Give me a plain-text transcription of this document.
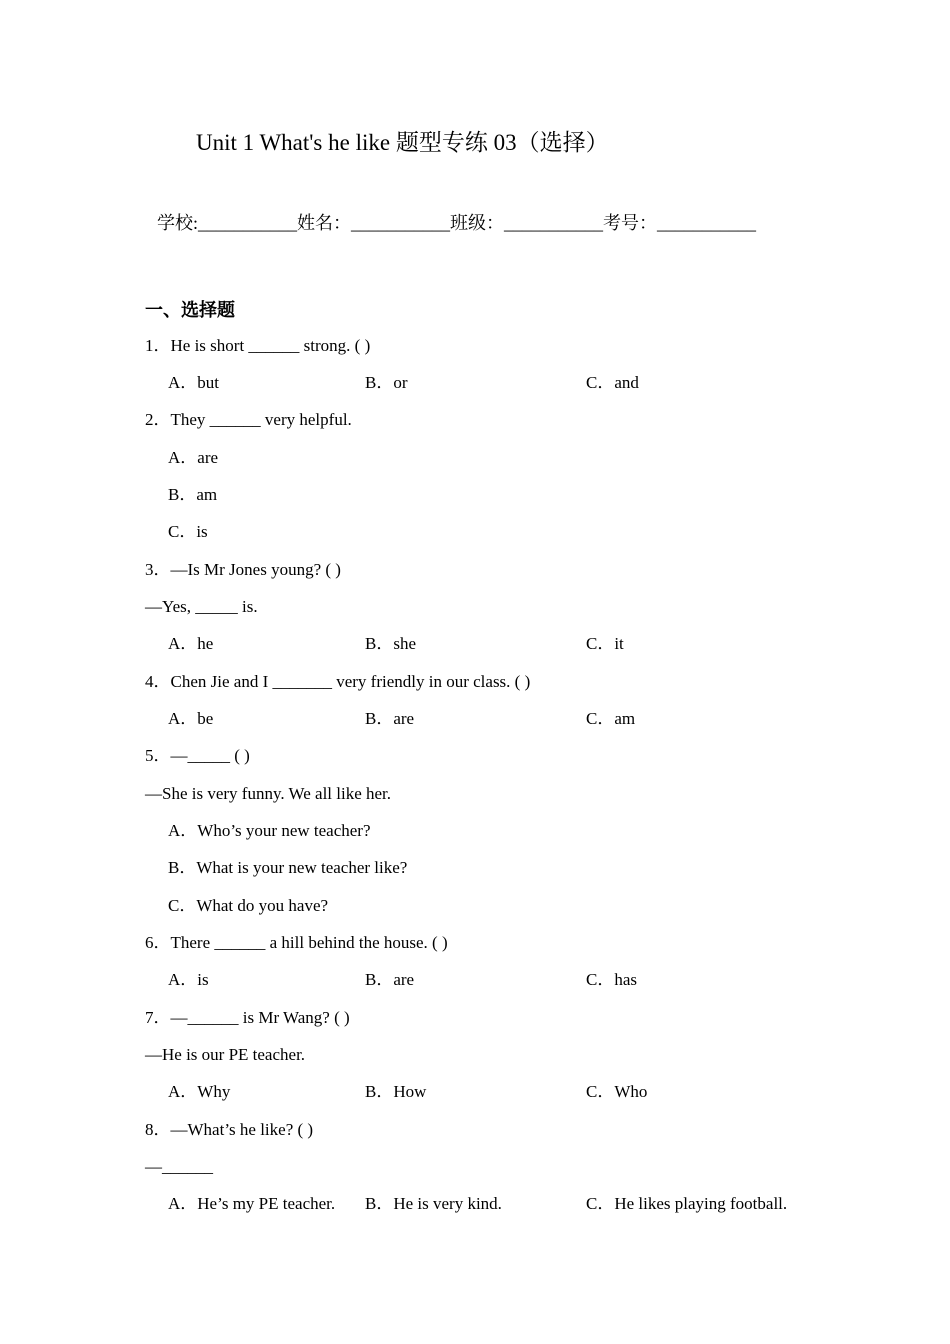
Unit 1 What's he like 题型专练 03（选择）
学校:___________姓名：___________班级：___________考号：___________
一、选择题
1．He is short ______ strong. ( )
A．but	B．or	C．and
2．They ______ very helpful.
A．are
B．am
C．is
3．—Is Mr Jones young? ( )
—Yes, _____ is.
A．he	B．she	C．it
4．Chen Jie and I _______ very friendly in our class. ( )
A．be	B．are	C．am
5．—_____ ( )
—She is very funny. We all like her.
A．Who’s your new teacher?
B．What is your new teacher like?
C．What do you have?
6．There ______ a hill behind the house. ( )
A．is	B．are	C．has
7．—______ is Mr Wang? ( )
—He is our PE teacher.
A．Why	B．How	C．Who
8．—What’s he like? ( )
—______
A．He’s my PE teacher. B．He is very kind.	C．He likes playing football.
